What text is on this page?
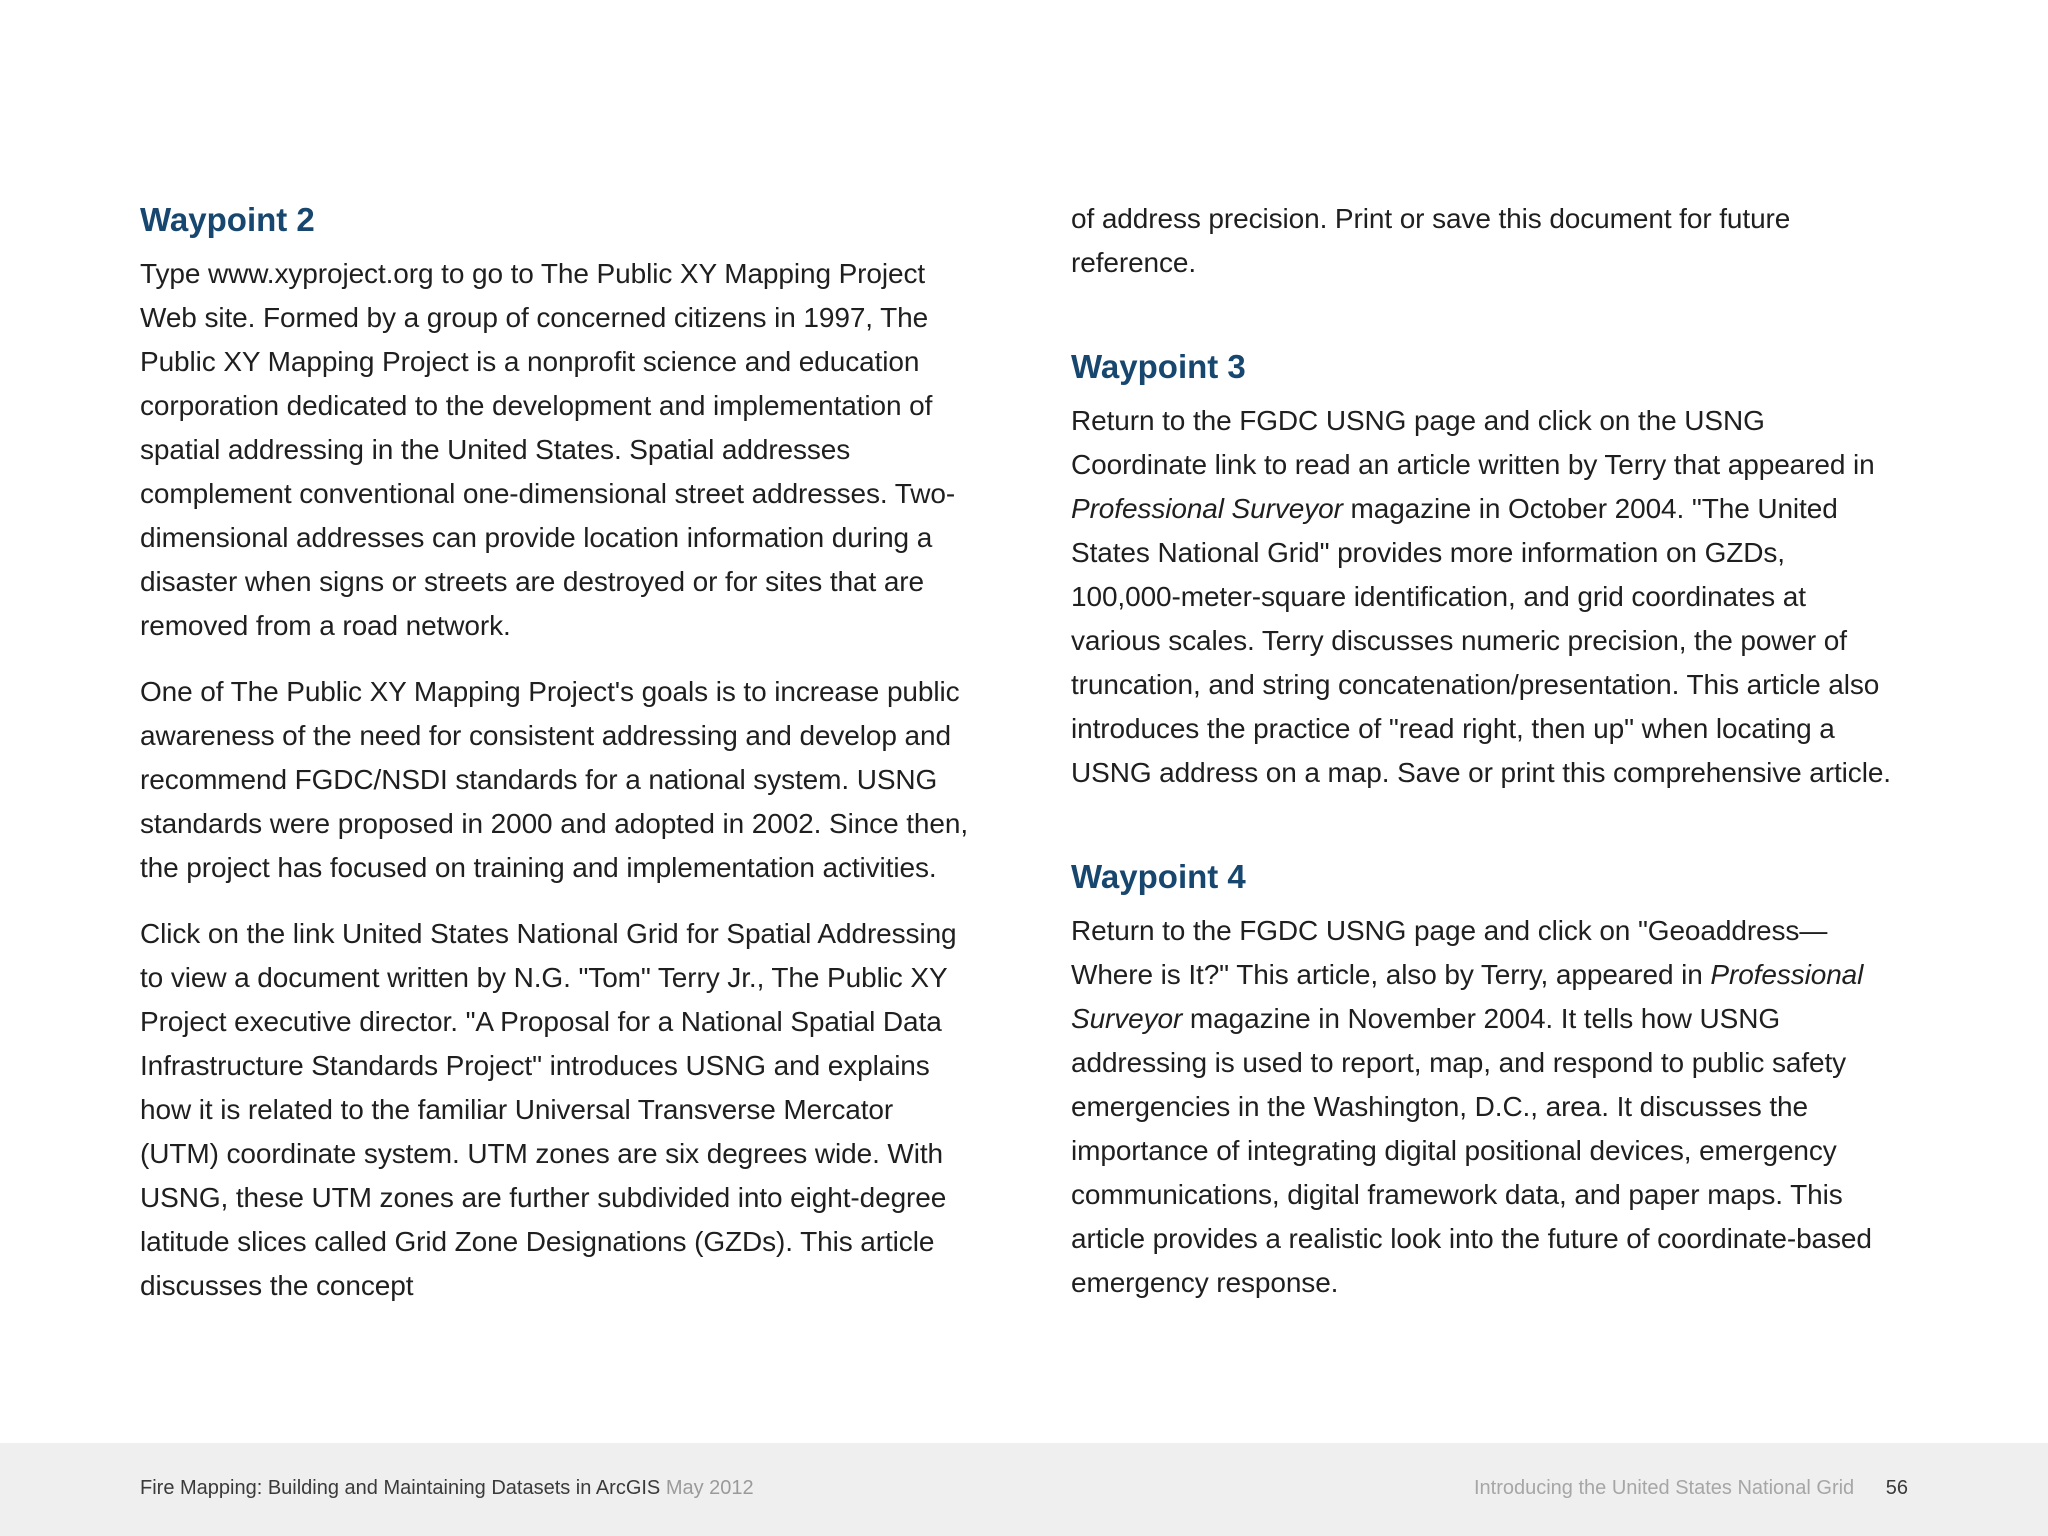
Waypoint 2

Type www.xyproject.org to go to The Public XY Mapping Project Web site. Formed by a group of concerned citizens in 1997, The Public XY Mapping Project is a nonprofit science and education corporation dedicated to the development and implementation of spatial addressing in the United States. Spatial addresses complement conventional one-dimensional street addresses. Two-dimensional addresses can provide location information during a disaster when signs or streets are destroyed or for sites that are removed from a road network.

One of The Public XY Mapping Project's goals is to increase public awareness of the need for consistent addressing and develop and recommend FGDC/NSDI standards for a national system. USNG standards were proposed in 2000 and adopted in 2002. Since then, the project has focused on training and implementation activities.

Click on the link United States National Grid for Spatial Addressing to view a document written by N.G. "Tom" Terry Jr., The Public XY Project executive director. "A Proposal for a National Spatial Data Infrastructure Standards Project" introduces USNG and explains how it is related to the familiar Universal Transverse Mercator (UTM) coordinate system. UTM zones are six degrees wide. With USNG, these UTM zones are further subdivided into eight-degree latitude slices called Grid Zone Designations (GZDs). This article discusses the concept

of address precision. Print or save this document for future reference.

Waypoint 3

Return to the FGDC USNG page and click on the USNG Coordinate link to read an article written by Terry that appeared in Professional Surveyor magazine in October 2004. "The United States National Grid" provides more information on GZDs, 100,000-meter-square identification, and grid coordinates at various scales. Terry discusses numeric precision, the power of truncation, and string concatenation/presentation. This article also introduces the practice of "read right, then up" when locating a USNG address on a map. Save or print this comprehensive article.

Waypoint 4

Return to the FGDC USNG page and click on "Geoaddress—Where is It?" This article, also by Terry, appeared in Professional Surveyor magazine in November 2004. It tells how USNG addressing is used to report, map, and respond to public safety emergencies in the Washington, D.C., area. It discusses the importance of integrating digital positional devices, emergency communications, digital framework data, and paper maps. This article provides a realistic look into the future of coordinate-based emergency response.

Fire Mapping: Building and Maintaining Datasets in ArcGIS May 2012	Introducing the United States National Grid 56
